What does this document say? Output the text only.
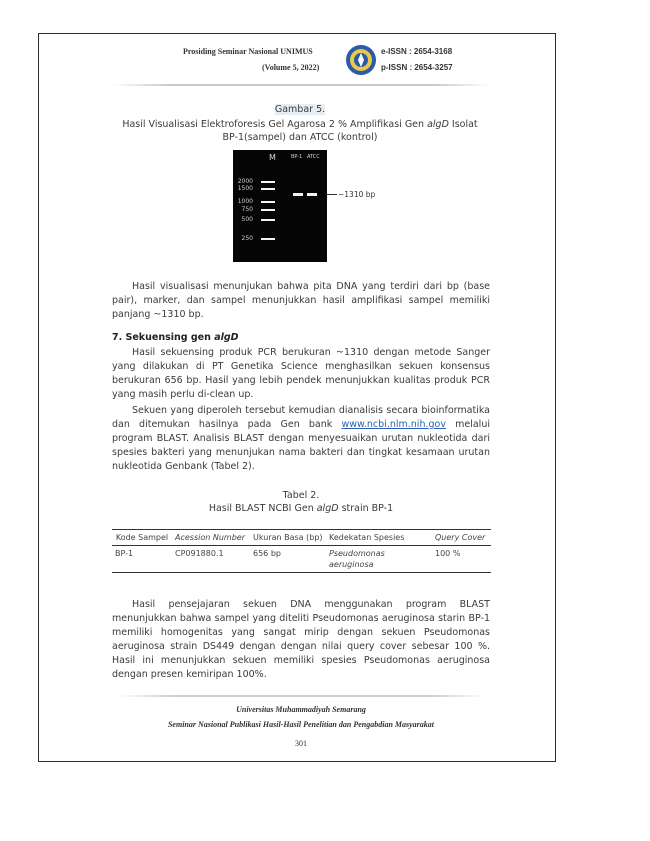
Prosiding Seminar Nasional UNIMUS
(Volume 5, 2022)
e-ISSN : 2654-3168
p-ISSN : 2654-3257
Gambar 5.
Hasil Visualisasi Elektroforesis Gel Agarosa 2 % Amplifikasi Gen algD Isolat BP-1(sampel) dan ATCC (kontrol)
M	BP-1 ATCC
2000
1500
1000
750
500
250
~1310 bp

Hasil visualisasi menunjukan bahwa pita DNA yang terdiri dari bp (base pair), marker, dan sampel menunjukkan hasil amplifikasi sampel memiliki panjang ~1310 bp.

7. Sekuensing gen algD

Hasil sekuensing produk PCR berukuran ~1310 dengan metode Sanger yang dilakukan di PT Genetika Science menghasilkan sekuen konsensus berukuran 656 bp. Hasil yang lebih pendek menunjukkan kualitas produk PCR yang masih perlu di-clean up.

Sekuen yang diperoleh tersebut kemudian dianalisis secara bioinformatika dan ditemukan hasilnya pada Gen bank www.ncbi.nlm.nih.gov melalui program BLAST. Analisis BLAST dengan menyesuaikan urutan nukleotida dari spesies bakteri yang menunjukan nama bakteri dan tingkat kesamaan urutan nukleotida Genbank (Tabel 2).

Tabel 2.
Hasil BLAST NCBI Gen algD strain BP-1
Kode Sampel	Acession Number	Ukuran Basa (bp)	Kedekatan Spesies	Query Cover
BP-1	CP091880.1	656 bp	Pseudomonas aeruginosa	100 %

Hasil pensejajaran sekuen DNA menggunakan program BLAST menunjukkan bahwa sampel yang diteliti Pseudomonas aeruginosa starin BP-1 memiliki homogenitas yang sangat mirip dengan sekuen Pseudomonas aeruginosa strain DS449 dengan dengan nilai query cover sebesar 100 %. Hasil ini menunjukkan sekuen memiliki spesies Pseudomonas aeruginosa dengan presen kemiripan 100%.

Universitas Muhammadiyah Semarang
Seminar Nasional Publikasi Hasil-Hasil Penelitian dan Pengabdian Masyarakat
301
